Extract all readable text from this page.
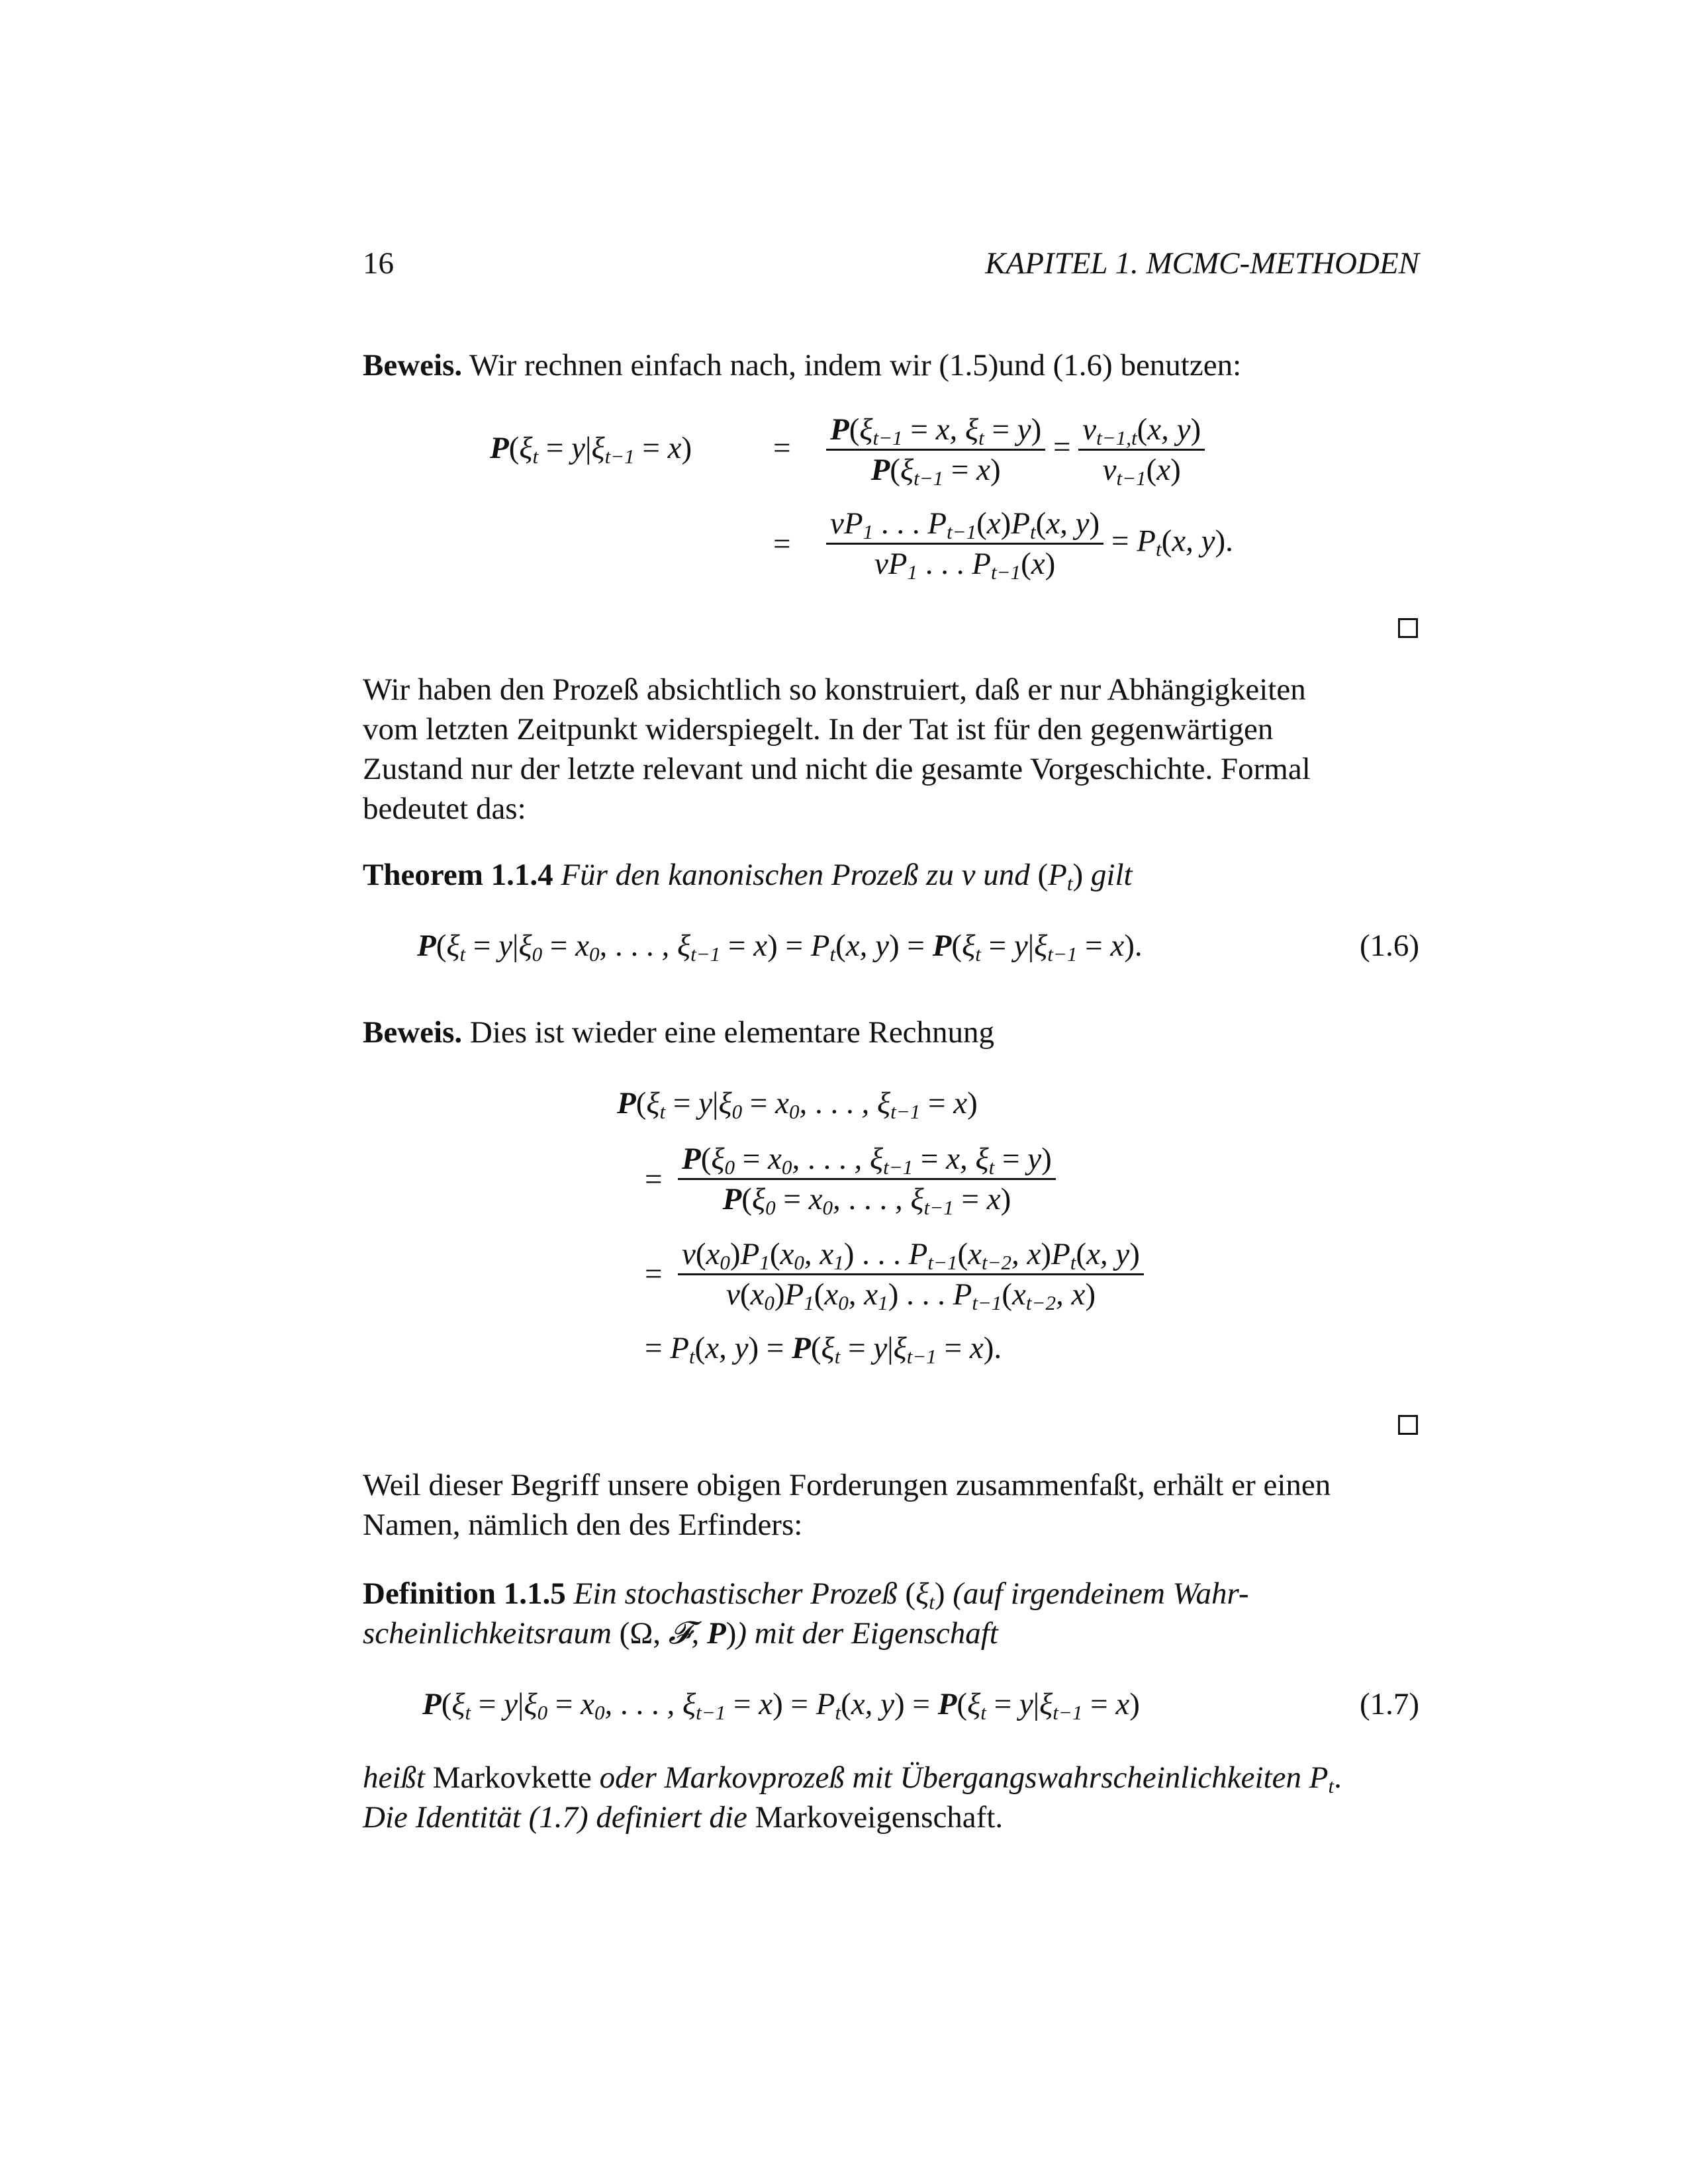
16	KAPITEL 1. MCMC-METHODEN
Beweis. Wir rechnen einfach nach, indem wir (1.5)und (1.6) benutzen:
$P(\xi_t = y|\xi_{t-1} = x)$	= $\frac{P(\xi_{t-1} = x, \xi_t = y)}{P(\xi_{t-1} = x)} = \frac{\nu_{t-1,t}(x, y)}{\nu_{t-1}(x)}$
= $\frac{\nu P_1 . . . P_{t-1}(x)P_t(x, y)}{\nu P_1 . . . P_{t-1}(x)} = P_t(x$, y).
Wir haben den Prozeß absichtlich so konstruiert, daß er nur Abhängigkeiten
vom letzten Zeitpunkt widerspiegelt. In der Tat ist für den gegenwärtigen
Zustand nur der letzte relevant und nicht die gesamte Vorgeschichte. Formal
bedeutet das:
Theorem 1.1.4 Für den kanonischen Prozeß zu ν und $(P_t)$ gilt
$P(\xi_t = y|\xi_0 = x_0$, . . . , $\xi_{t-1} = x) = P_t(x$, $y) = P(\xi_t = y|\xi_{t-1} = x)$.	(1.6)
Beweis. Dies ist wieder eine elementare Rechnung
$P(\xi_t = y|\xi_0 = x_0$, . . . , $\xi_{t-1} = x$)
= $\frac{P(\xi_0 = x_0, . . . , \xi_{t-1} = x, \xi_t = y)}{P(\xi_0 = x_0, . . . , \xi_{t-1} = x)}$
= $\frac{\nu(x_0)P_1(x_0, x_1) . . . P_{t-1}(x_{t-2}, x)P_t(x, y)}{\nu(x_0)P_1(x_0, x_1) . . . P_{t-1}(x_{t-2}, x)}$
= $P_t(x$, $y) = P(\xi_t = y|\xi_{t-1} = x)$.
Weil dieser Begriff unsere obigen Forderungen zusammenfaßt, erhält er einen
Namen, nämlich den des Erfinders:
Definition 1.1.5 Ein stochastischer Prozeß $(\xi_t)$ (auf irgendeinem Wahr-
scheinlichkeitsraum (Ω, 𝓕, P)) mit der Eigenschaft
$P(\xi_t = y|\xi_0 = x_0$, . . . , $\xi_{t-1} = x) = P_t(x$, $y) = P(\xi_t = y|\xi_{t-1} = x)$	(1.7)
heißt Markovkette oder Markovprozeß mit Übergangswahrscheinlichkeiten $P_t$.
Die Identität (1.7) definiert die Markoveigenschaft.
